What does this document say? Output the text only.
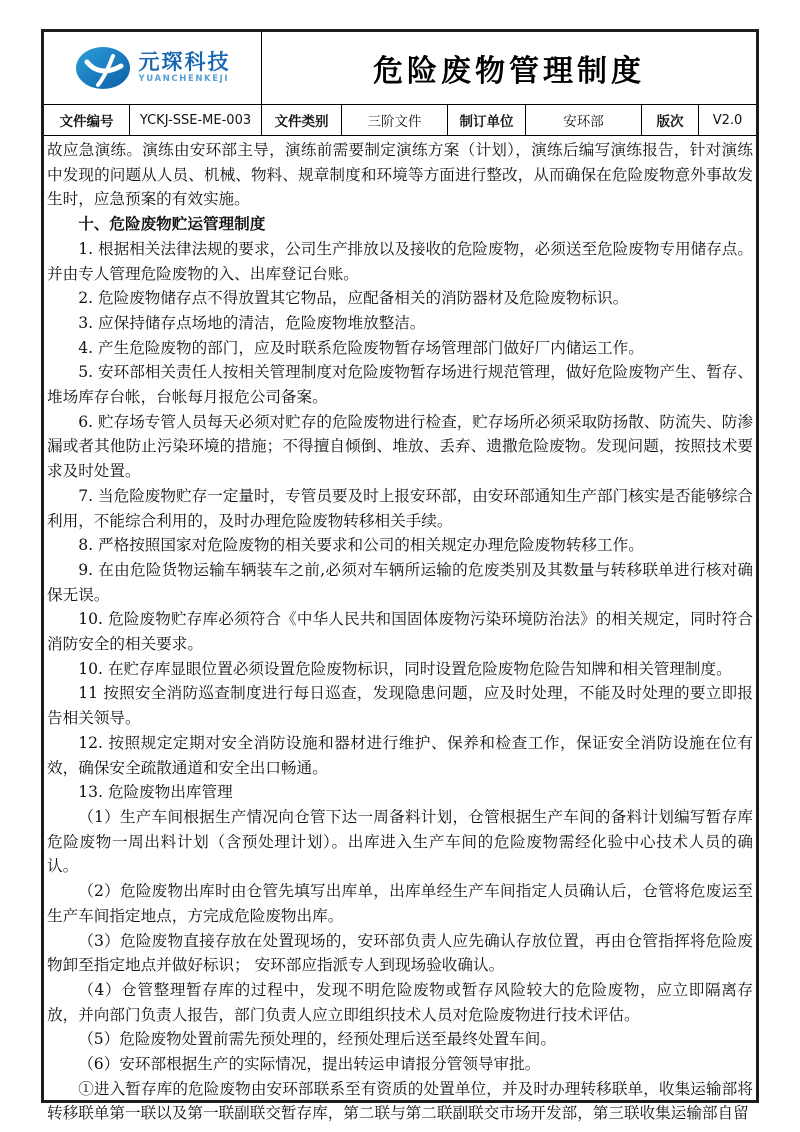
元琛科技
YUANCHENKEJI	危险废物管理制度
文件编号	YCKJ-SSE-ME-003	文件类别	三阶文件	制订单位	安环部	版次	V2.0

故应急演练。演练由安环部主导，演练前需要制定演练方案（计划），演练后编写演练报告，针对演练中发现的问题从人员、机械、物料、规章制度和环境等方面进行整改，从而确保在危险废物意外事故发生时，应急预案的有效实施。

十、危险废物贮运管理制度

1. 根据相关法律法规的要求，公司生产排放以及接收的危险废物，必须送至危险废物专用储存点。并由专人管理危险废物的入、出库登记台账。

2. 危险废物储存点不得放置其它物品，应配备相关的消防器材及危险废物标识。

3. 应保持储存点场地的清洁，危险废物堆放整洁。

4. 产生危险废物的部门，应及时联系危险废物暂存场管理部门做好厂内储运工作。

5. 安环部相关责任人按相关管理制度对危险废物暂存场进行规范管理，做好危险废物产生、暂存、堆场库存台帐，台帐每月报危公司备案。

6. 贮存场专管人员每天必须对贮存的危险废物进行检查，贮存场所必须采取防扬散、防流失、防渗漏或者其他防止污染环境的措施；不得擅自倾倒、堆放、丢弃、遗撒危险废物。发现问题，按照技术要求及时处置。

7. 当危险废物贮存一定量时，专管员要及时上报安环部，由安环部通知生产部门核实是否能够综合利用，不能综合利用的，及时办理危险废物转移相关手续。

8. 严格按照国家对危险废物的相关要求和公司的相关规定办理危险废物转移工作。

9. 在由危险货物运输车辆装车之前,必须对车辆所运输的危废类别及其数量与转移联单进行核对确保无误。

10. 危险废物贮存库必须符合《中华人民共和国固体废物污染环境防治法》的相关规定，同时符合消防安全的相关要求。

10. 在贮存库显眼位置必须设置危险废物标识，同时设置危险废物危险告知牌和相关管理制度。

11 按照安全消防巡查制度进行每日巡查，发现隐患问题，应及时处理，不能及时处理的要立即报告相关领导。

12. 按照规定定期对安全消防设施和器材进行维护、保养和检查工作，保证安全消防设施在位有效，确保安全疏散通道和安全出口畅通。

13. 危险废物出库管理

（1）生产车间根据生产情况向仓管下达一周备料计划，仓管根据生产车间的备料计划编写暂存库危险废物一周出料计划（含预处理计划）。出库进入生产车间的危险废物需经化验中心技术人员的确认。

（2）危险废物出库时由仓管先填写出库单，出库单经生产车间指定人员确认后，仓管将危废运至生产车间指定地点，方完成危险废物出库。

（3）危险废物直接存放在处置现场的，安环部负责人应先确认存放位置，再由仓管指挥将危险废物卸至指定地点并做好标识； 安环部应指派专人到现场验收确认。

（4）仓管整理暂存库的过程中，发现不明危险废物或暂存风险较大的危险废物，应立即隔离存放，并向部门负责人报告，部门负责人应立即组织技术人员对危险废物进行技术评估。

（5）危险废物处置前需先预处理的，经预处理后送至最终处置车间。

（6）安环部根据生产的实际情况，提出转运申请报分管领导审批。

①进入暂存库的危险废物由安环部联系至有资质的处置单位，并及时办理转移联单，收集运输部将转移联单第一联以及第一联副联交暂存库，第二联与第二联副联交市场开发部，第三联收集运输部自留
